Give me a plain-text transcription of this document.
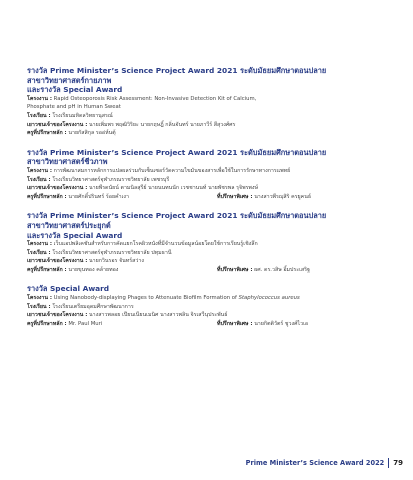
รางวัล Prime Minister’s Science Project Award 2021 ระดับมัธยมศึกษาตอนปลาย
สาขาวิทยาศาสตร์กายภาพ
และรางวัล Special Award

โครงงาน : Rapid Osteoporosis Risk Assessment: Non-Invasive Detection Kit of Calcium,
Phosphate and pH in Human Sweat
โรงเรียน : โรงเรียนมหิดลวิทยานุสรณ์
เยาวชนเจ้าของโครงงาน : นายเพิ่มพร พฤฒิวิริยะ นายกฤษฎิ์ กลิ่นจันทร์ นายภาวีร์ สีสุวงศ์ศร
ครูที่ปรึกษาหลัก : นายกัสสิกุล รออ่ห์นตุ้

รางวัล Prime Minister’s Science Project Award 2021 ระดับมัธยมศึกษาตอนปลาย
สาขาวิทยาศาสตร์ชีวภาพ

โครงงาน : การพัฒนาสมการหลักการแปลผลร่วมกับเซ็นเซอร์วัดความไขมันของสารเพื่อใช้ในการรักษาทางการแพทย์
โรงเรียน : โรงเรียนวิทยาศาสตร์จุฬาภรณราชวิทยาลัย เพชรบุรี
เยาวชนเจ้าของโครงงาน : นายพีรดนัยน์ ตามนิลสุรีย์ นายนนทนนัก เวชชานนท์ นายพัชรพล รุจิพรพงษ์
ครูที่ปรึกษาหลัก : นายศักดิ์ปรินทร์ ร้อยคำเงา	ที่ปรึกษาพิเศษ : นางสาวพีรญุสิริ ครยูคนธ์

รางวัล Prime Minister’s Science Project Award 2021 ระดับมัธยมศึกษาตอนปลาย
สาขาวิทยาศาสตร์ประยุกต์
และรางวัล Special Award

โครงงาน : เว็บแอปพลิเคชันสำหรับการคัดแยกโรคผิวหนังที่มีจำนวนข้อมูลน้อยโดยใช้การเรียนรู้เชิงลึก
โรงเรียน : โรงเรียนวิทยาศาสตร์จุฬาภรณราชวิทยาลัย ปทุมธานี
เยาวชนเจ้าของโครงงาน : นายกวินรอร จันทร์สว่าง
ครูที่ปรึกษาหลัก : นายขุนทอง คล้ายทอง	ที่ปรึกษาพิเศษ : ผศ. ดร.วสิษ อิ้มประเสริฐ

รางวัล Special Award

โครงงาน : Using Nanobody-displaying Phages to Attenuate Biofilm Formation of Staphylococcus aureus
โรงเรียน : โรงเรียนเตรียมอุดมศึกษาพัฒนาการ
เยาวชนเจ้าของโครงงาน : นางสาวพลอย เปียนเนียนเมนิศ นางสาวพลิน จิรเสวีนุประพันธ์
ครูที่ปรึกษาหลัก : Mr. Paul Muri	ที่ปรึกษาพิเศษ : นายกิตติวัตร์ ชูวงศ์ไวเอ
Prime Minister’s Science Award 2022 79
